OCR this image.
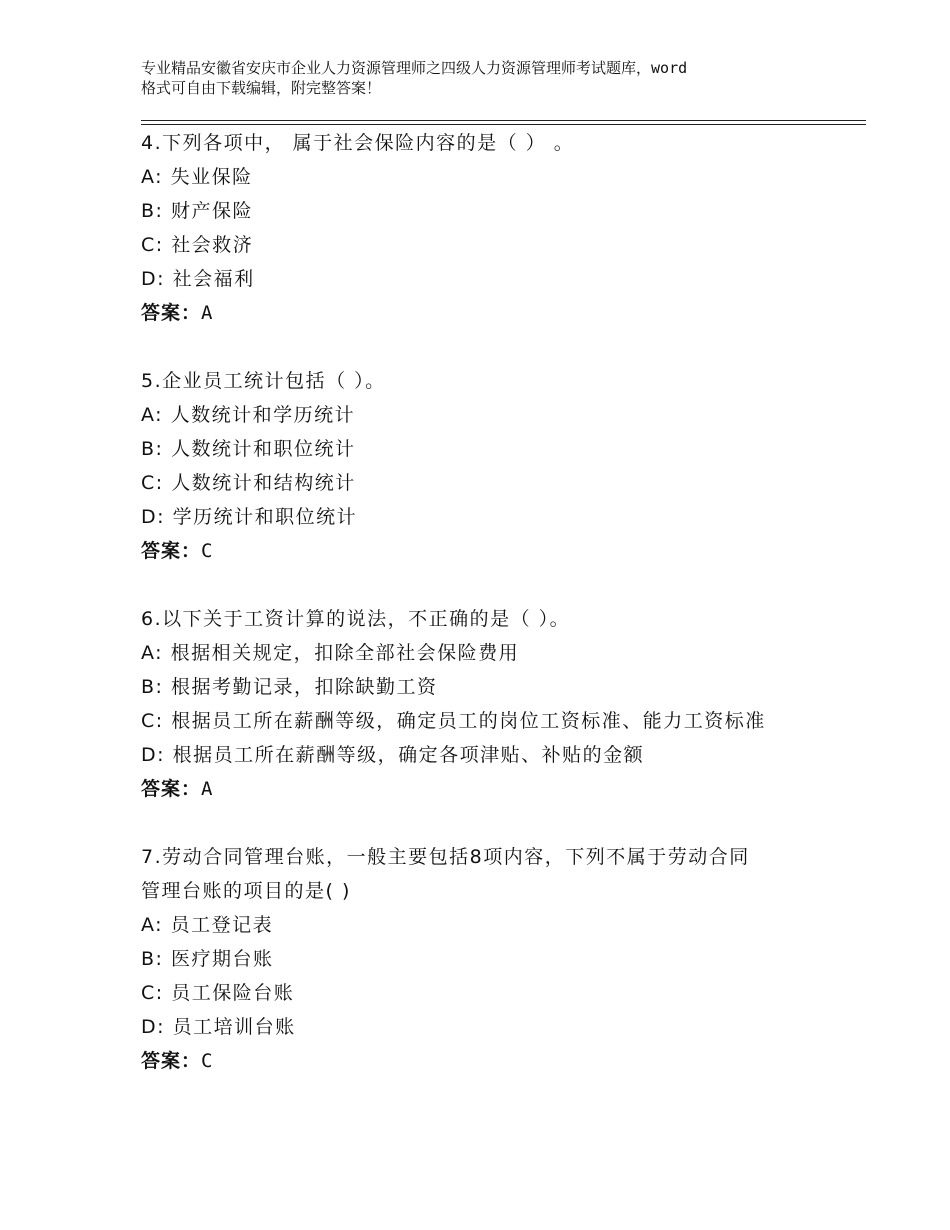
专业精品安徽省安庆市企业人力资源管理师之四级人力资源管理师考试题库，word
格式可自由下载编辑，附完整答案！
4.下列各项中， 属于社会保险内容的是（ ） 。
A: 失业保险
B: 财产保险
C: 社会救济
D: 社会福利
答案：A
5.企业员工统计包括（ ）。
A: 人数统计和学历统计
B: 人数统计和职位统计
C: 人数统计和结构统计
D: 学历统计和职位统计
答案：C
6.以下关于工资计算的说法，不正确的是（ ）。
A: 根据相关规定，扣除全部社会保险费用
B: 根据考勤记录，扣除缺勤工资
C: 根据员工所在薪酬等级，确定员工的岗位工资标准、能力工资标准
D: 根据员工所在薪酬等级，确定各项津贴、补贴的金额
答案：A
7.劳动合同管理台账，一般主要包括8项内容，下列不属于劳动合同
管理台账的项目的是( )
A: 员工登记表
B: 医疗期台账
C: 员工保险台账
D: 员工培训台账
答案：C
